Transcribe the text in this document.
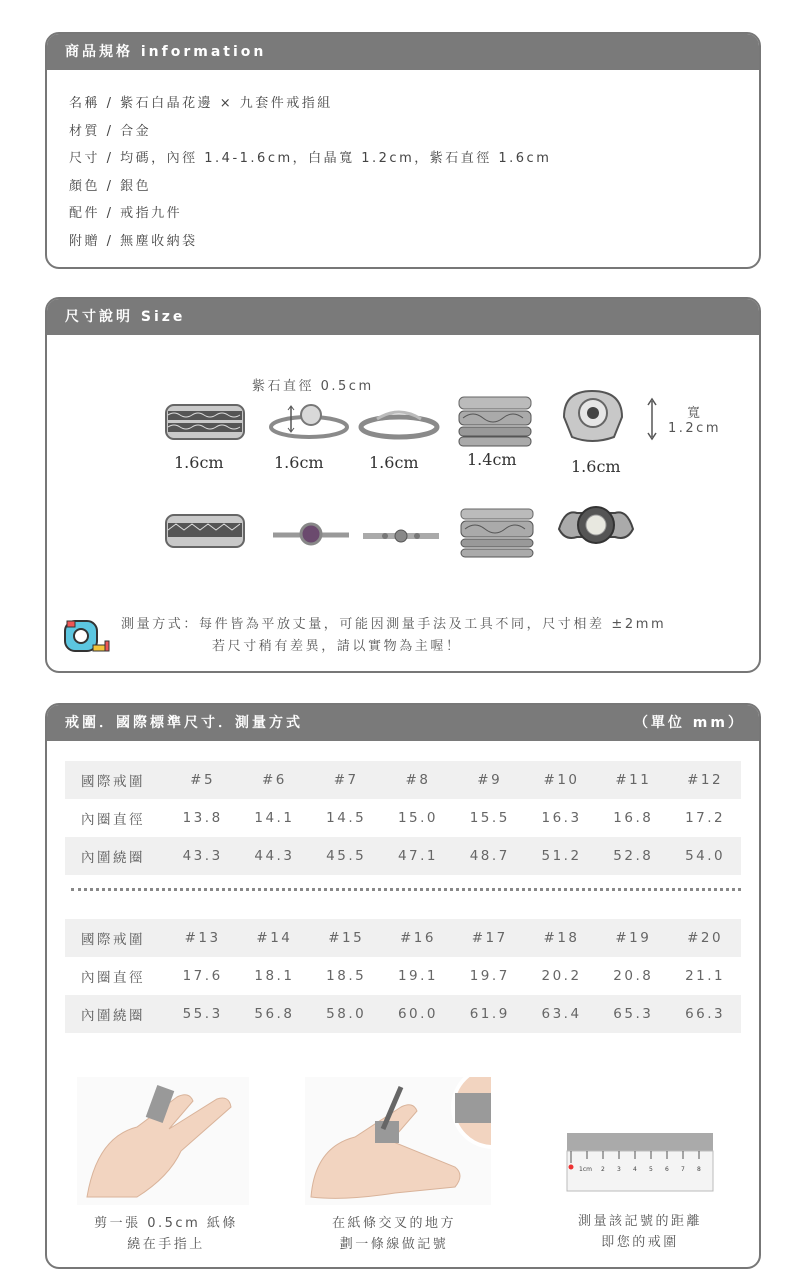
商品規格 information
名稱 / 紫石白晶花邊 × 九套件戒指組
材質 / 合金
尺寸 / 均碼，內徑 1.4-1.6cm，白晶寬 1.2cm，紫石直徑 1.6cm
顏色 / 銀色
配件 / 戒指九件
附贈 / 無塵收納袋
尺寸說明 Size
紫石直徑 0.5cm
寬
1.2cm
1.6cm	1.6cm	1.6cm	1.4cm	1.6cm
測量方式：每件皆為平放丈量，可能因測量手法及工具不同，尺寸相差 ±2mm
若尺寸稍有差異，請以實物為主喔！
戒圍．國際標準尺寸．測量方式	（單位 mm）
國際戒圍	#5	#6	#7	#8	#9	#10	#11	#12
內圈直徑	13.8	14.1	14.5	15.0	15.5	16.3	16.8	17.2
內圍繞圈	43.3	44.3	45.5	47.1	48.7	51.2	52.8	54.0
國際戒圍	#13	#14	#15	#16	#17	#18	#19	#20
內圈直徑	17.6	18.1	18.5	19.1	19.7	20.2	20.8	21.1
內圍繞圈	55.3	56.8	58.0	60.0	61.9	63.4	65.3	66.3
1cm 2 3 4 5 6 7 8
剪一張 0.5cm 紙條
繞在手指上
在紙條交叉的地方
劃一條線做記號
測量該記號的距離
即您的戒圍
